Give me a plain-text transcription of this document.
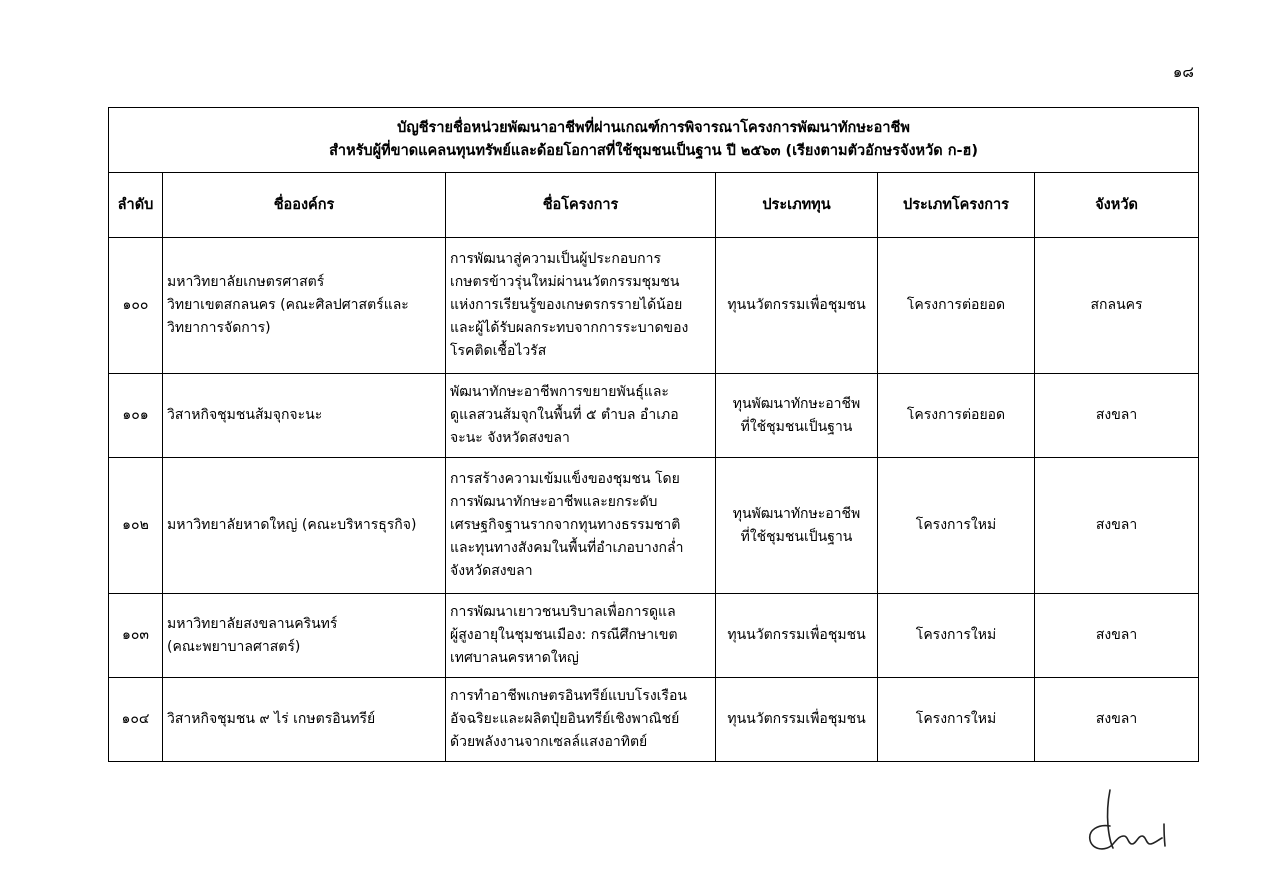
๑๘
บัญชีรายชื่อหน่วยพัฒนาอาชีพที่ผ่านเกณฑ์การพิจารณาโครงการพัฒนาทักษะอาชีพ
สำหรับผู้ที่ขาดแคลนทุนทรัพย์และด้อยโอกาสที่ใช้ชุมชนเป็นฐาน ปี ๒๕๖๓ (เรียงตามตัวอักษรจังหวัด ก-ฮ)					

ลำดับ	ชื่อองค์กร	ชื่อโครงการ	ประเภททุน	ประเภทโครงการ	จังหวัด
๑๐๐	มหาวิทยาลัยเกษตรศาสตร์
วิทยาเขตสกลนคร (คณะศิลปศาสตร์และ
วิทยาการจัดการ)	การพัฒนาสู่ความเป็นผู้ประกอบการ
เกษตรข้าวรุ่นใหม่ผ่านนวัตกรรมชุมชน
แห่งการเรียนรู้ของเกษตรกรรายได้น้อย
และผู้ได้รับผลกระทบจากการระบาดของ
โรคติดเชื้อไวรัส	ทุนนวัตกรรมเพื่อชุมชน	โครงการต่อยอด	สกลนคร
๑๐๑	วิสาหกิจชุมชนส้มจุกจะนะ	พัฒนาทักษะอาชีพการขยายพันธุ์และ
ดูแลสวนส้มจุกในพื้นที่ ๕ ตำบล อำเภอ
จะนะ จังหวัดสงขลา	ทุนพัฒนาทักษะอาชีพ
ที่ใช้ชุมชนเป็นฐาน	โครงการต่อยอด	สงขลา
๑๐๒	มหาวิทยาลัยหาดใหญ่ (คณะบริหารธุรกิจ)	การสร้างความเข้มแข็งของชุมชน โดย
การพัฒนาทักษะอาชีพและยกระดับ
เศรษฐกิจฐานรากจากทุนทางธรรมชาติ
และทุนทางสังคมในพื้นที่อำเภอบางกล่ำ
จังหวัดสงขลา	ทุนพัฒนาทักษะอาชีพ
ที่ใช้ชุมชนเป็นฐาน	โครงการใหม่	สงขลา
๑๐๓	มหาวิทยาลัยสงขลานครินทร์
(คณะพยาบาลศาสตร์)	การพัฒนาเยาวชนบริบาลเพื่อการดูแล
ผู้สูงอายุในชุมชนเมือง: กรณีศึกษาเขต
เทศบาลนครหาดใหญ่	ทุนนวัตกรรมเพื่อชุมชน	โครงการใหม่	สงขลา
๑๐๔	วิสาหกิจชุมชน ๙ ไร่ เกษตรอินทรีย์	การทำอาชีพเกษตรอินทรีย์แบบโรงเรือน
อัจฉริยะและผลิตปุ๋ยอินทรีย์เชิงพาณิชย์
ด้วยพลังงานจากเซลล์แสงอาทิตย์	ทุนนวัตกรรมเพื่อชุมชน	โครงการใหม่	สงขลา
